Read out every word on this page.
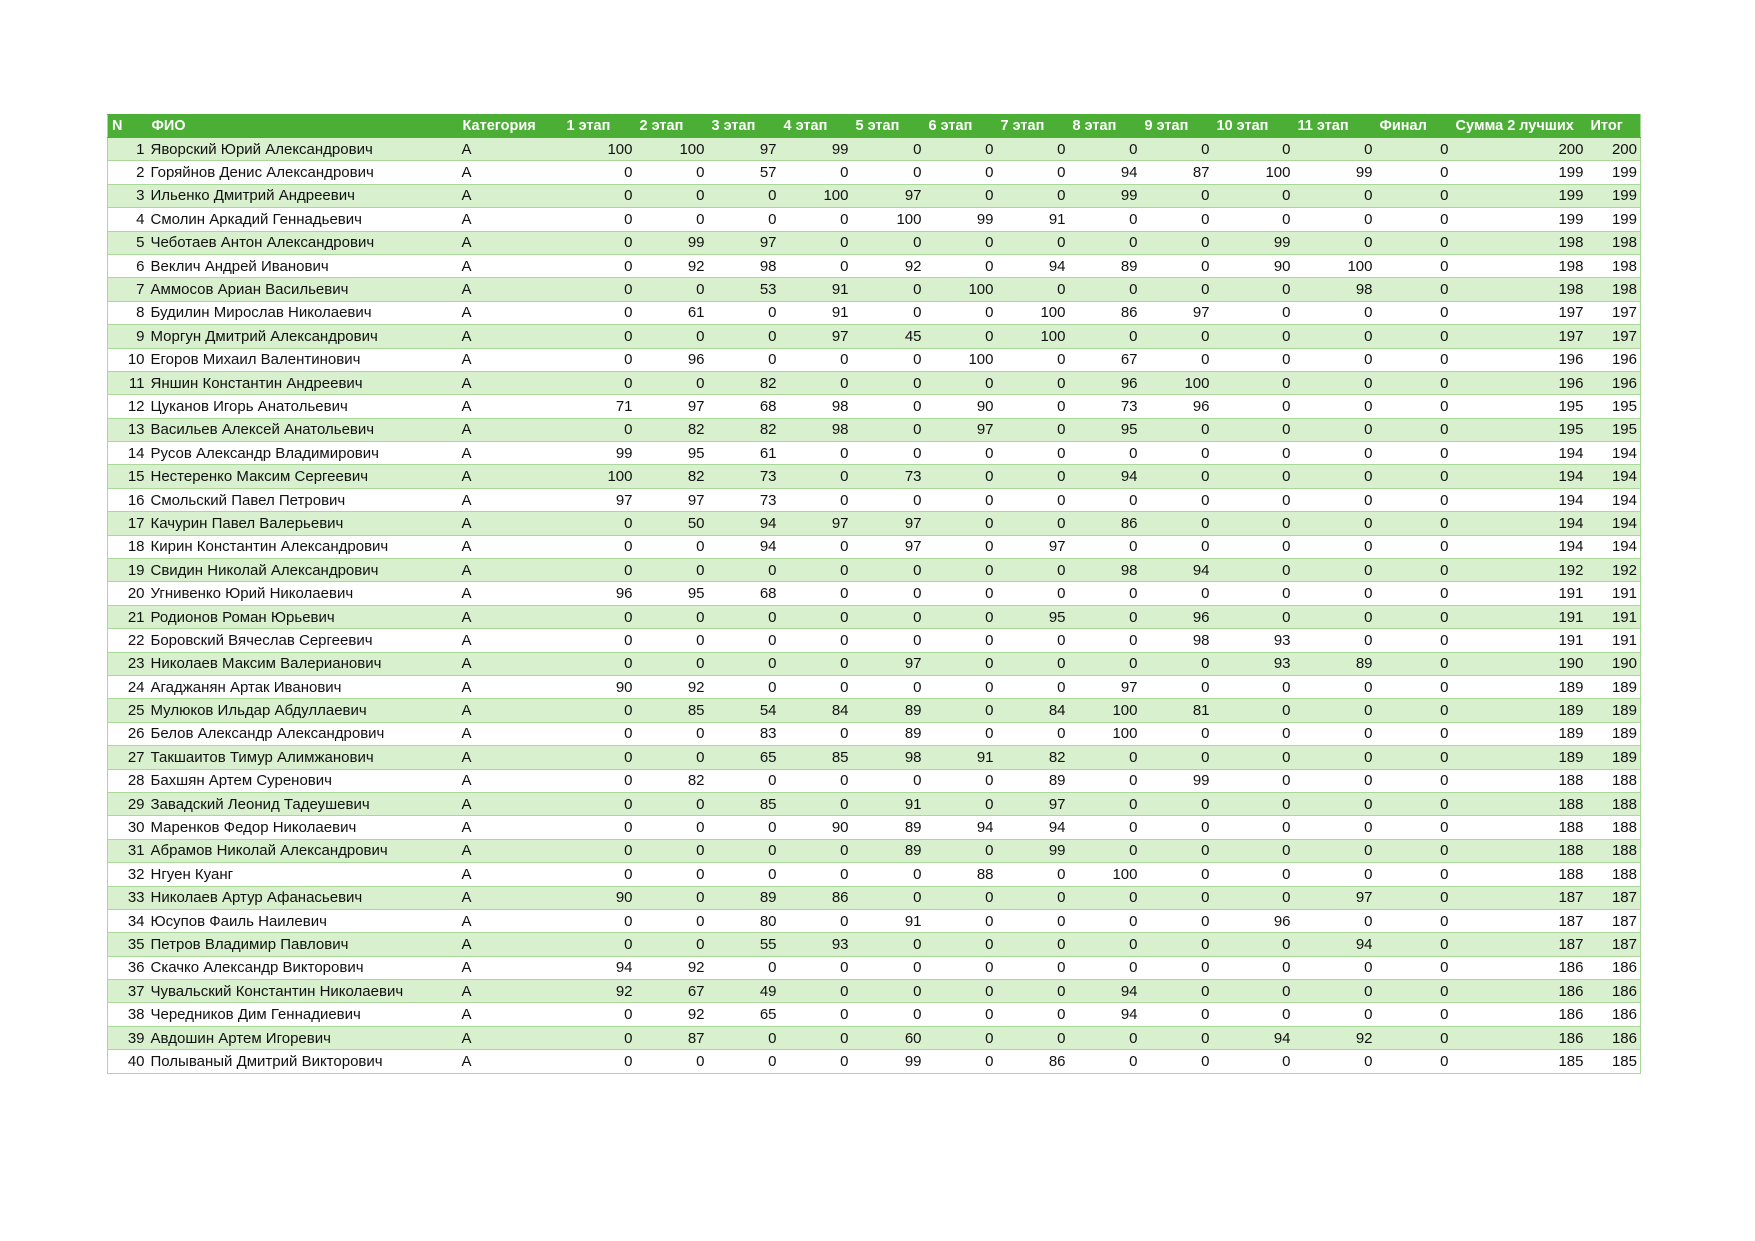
N	ФИО	Категория	1 этап	2 этап	3 этап	4 этап	5 этап	6 этап	7 этап	8 этап	9 этап	10 этап	11 этап	Финал	Сумма 2 лучших	Итог
1	Яворский Юрий Александрович	A	100	100	97	99	0	0	0	0	0	0	0	0	200	200
2	Горяйнов Денис Александрович	A	0	0	57	0	0	0	0	94	87	100	99	0	199	199
3	Ильенко Дмитрий Андреевич	A	0	0	0	100	97	0	0	99	0	0	0	0	199	199
4	Смолин Аркадий Геннадьевич	A	0	0	0	0	100	99	91	0	0	0	0	0	199	199
5	Чеботаев Антон Александрович	A	0	99	97	0	0	0	0	0	0	99	0	0	198	198
6	Веклич Андрей Иванович	A	0	92	98	0	92	0	94	89	0	90	100	0	198	198
7	Аммосов Ариан Васильевич	A	0	0	53	91	0	100	0	0	0	0	98	0	198	198
8	Будилин Мирослав Николаевич	A	0	61	0	91	0	0	100	86	97	0	0	0	197	197
9	Моргун Дмитрий Александрович	A	0	0	0	97	45	0	100	0	0	0	0	0	197	197
10	Егоров Михаил Валентинович	A	0	96	0	0	0	100	0	67	0	0	0	0	196	196
11	Яншин Константин Андреевич	A	0	0	82	0	0	0	0	96	100	0	0	0	196	196
12	Цуканов Игорь Анатольевич	A	71	97	68	98	0	90	0	73	96	0	0	0	195	195
13	Васильев Алексей Анатольевич	A	0	82	82	98	0	97	0	95	0	0	0	0	195	195
14	Русов Александр Владимирович	A	99	95	61	0	0	0	0	0	0	0	0	0	194	194
15	Нестеренко Максим Сергеевич	A	100	82	73	0	73	0	0	94	0	0	0	0	194	194
16	Смольский Павел Петрович	A	97	97	73	0	0	0	0	0	0	0	0	0	194	194
17	Качурин Павел Валерьевич	A	0	50	94	97	97	0	0	86	0	0	0	0	194	194
18	Кирин Константин Александрович	A	0	0	94	0	97	0	97	0	0	0	0	0	194	194
19	Свидин Николай Александрович	A	0	0	0	0	0	0	0	98	94	0	0	0	192	192
20	Угнивенко Юрий Николаевич	A	96	95	68	0	0	0	0	0	0	0	0	0	191	191
21	Родионов Роман Юрьевич	A	0	0	0	0	0	0	95	0	96	0	0	0	191	191
22	Боровский Вячеслав Сергеевич	A	0	0	0	0	0	0	0	0	98	93	0	0	191	191
23	Николаев Максим Валерианович	A	0	0	0	0	97	0	0	0	0	93	89	0	190	190
24	Агаджанян Артак Иванович	A	90	92	0	0	0	0	0	97	0	0	0	0	189	189
25	Мулюков Ильдар Абдуллаевич	A	0	85	54	84	89	0	84	100	81	0	0	0	189	189
26	Белов Александр Александрович	A	0	0	83	0	89	0	0	100	0	0	0	0	189	189
27	Такшаитов Тимур Алимжанович	A	0	0	65	85	98	91	82	0	0	0	0	0	189	189
28	Бахшян Артем Суренович	A	0	82	0	0	0	0	89	0	99	0	0	0	188	188
29	Завадский Леонид Тадеушевич	A	0	0	85	0	91	0	97	0	0	0	0	0	188	188
30	Маренков Федор Николаевич	A	0	0	0	90	89	94	94	0	0	0	0	0	188	188
31	Абрамов Николай Александрович	A	0	0	0	0	89	0	99	0	0	0	0	0	188	188
32	Нгуен Куанг	A	0	0	0	0	0	88	0	100	0	0	0	0	188	188
33	Николаев Артур Афанасьевич	A	90	0	89	86	0	0	0	0	0	0	97	0	187	187
34	Юсупов Фаиль Наилевич	A	0	0	80	0	91	0	0	0	0	96	0	0	187	187
35	Петров Владимир Павлович	A	0	0	55	93	0	0	0	0	0	0	94	0	187	187
36	Скачко Александр Викторович	A	94	92	0	0	0	0	0	0	0	0	0	0	186	186
37	Чувальский Константин Николаевич	A	92	67	49	0	0	0	0	94	0	0	0	0	186	186
38	Чередников Дим Геннадиевич	A	0	92	65	0	0	0	0	94	0	0	0	0	186	186
39	Авдошин Артем Игоревич	A	0	87	0	0	60	0	0	0	0	94	92	0	186	186
40	Полываный Дмитрий Викторович	A	0	0	0	0	99	0	86	0	0	0	0	0	185	185
